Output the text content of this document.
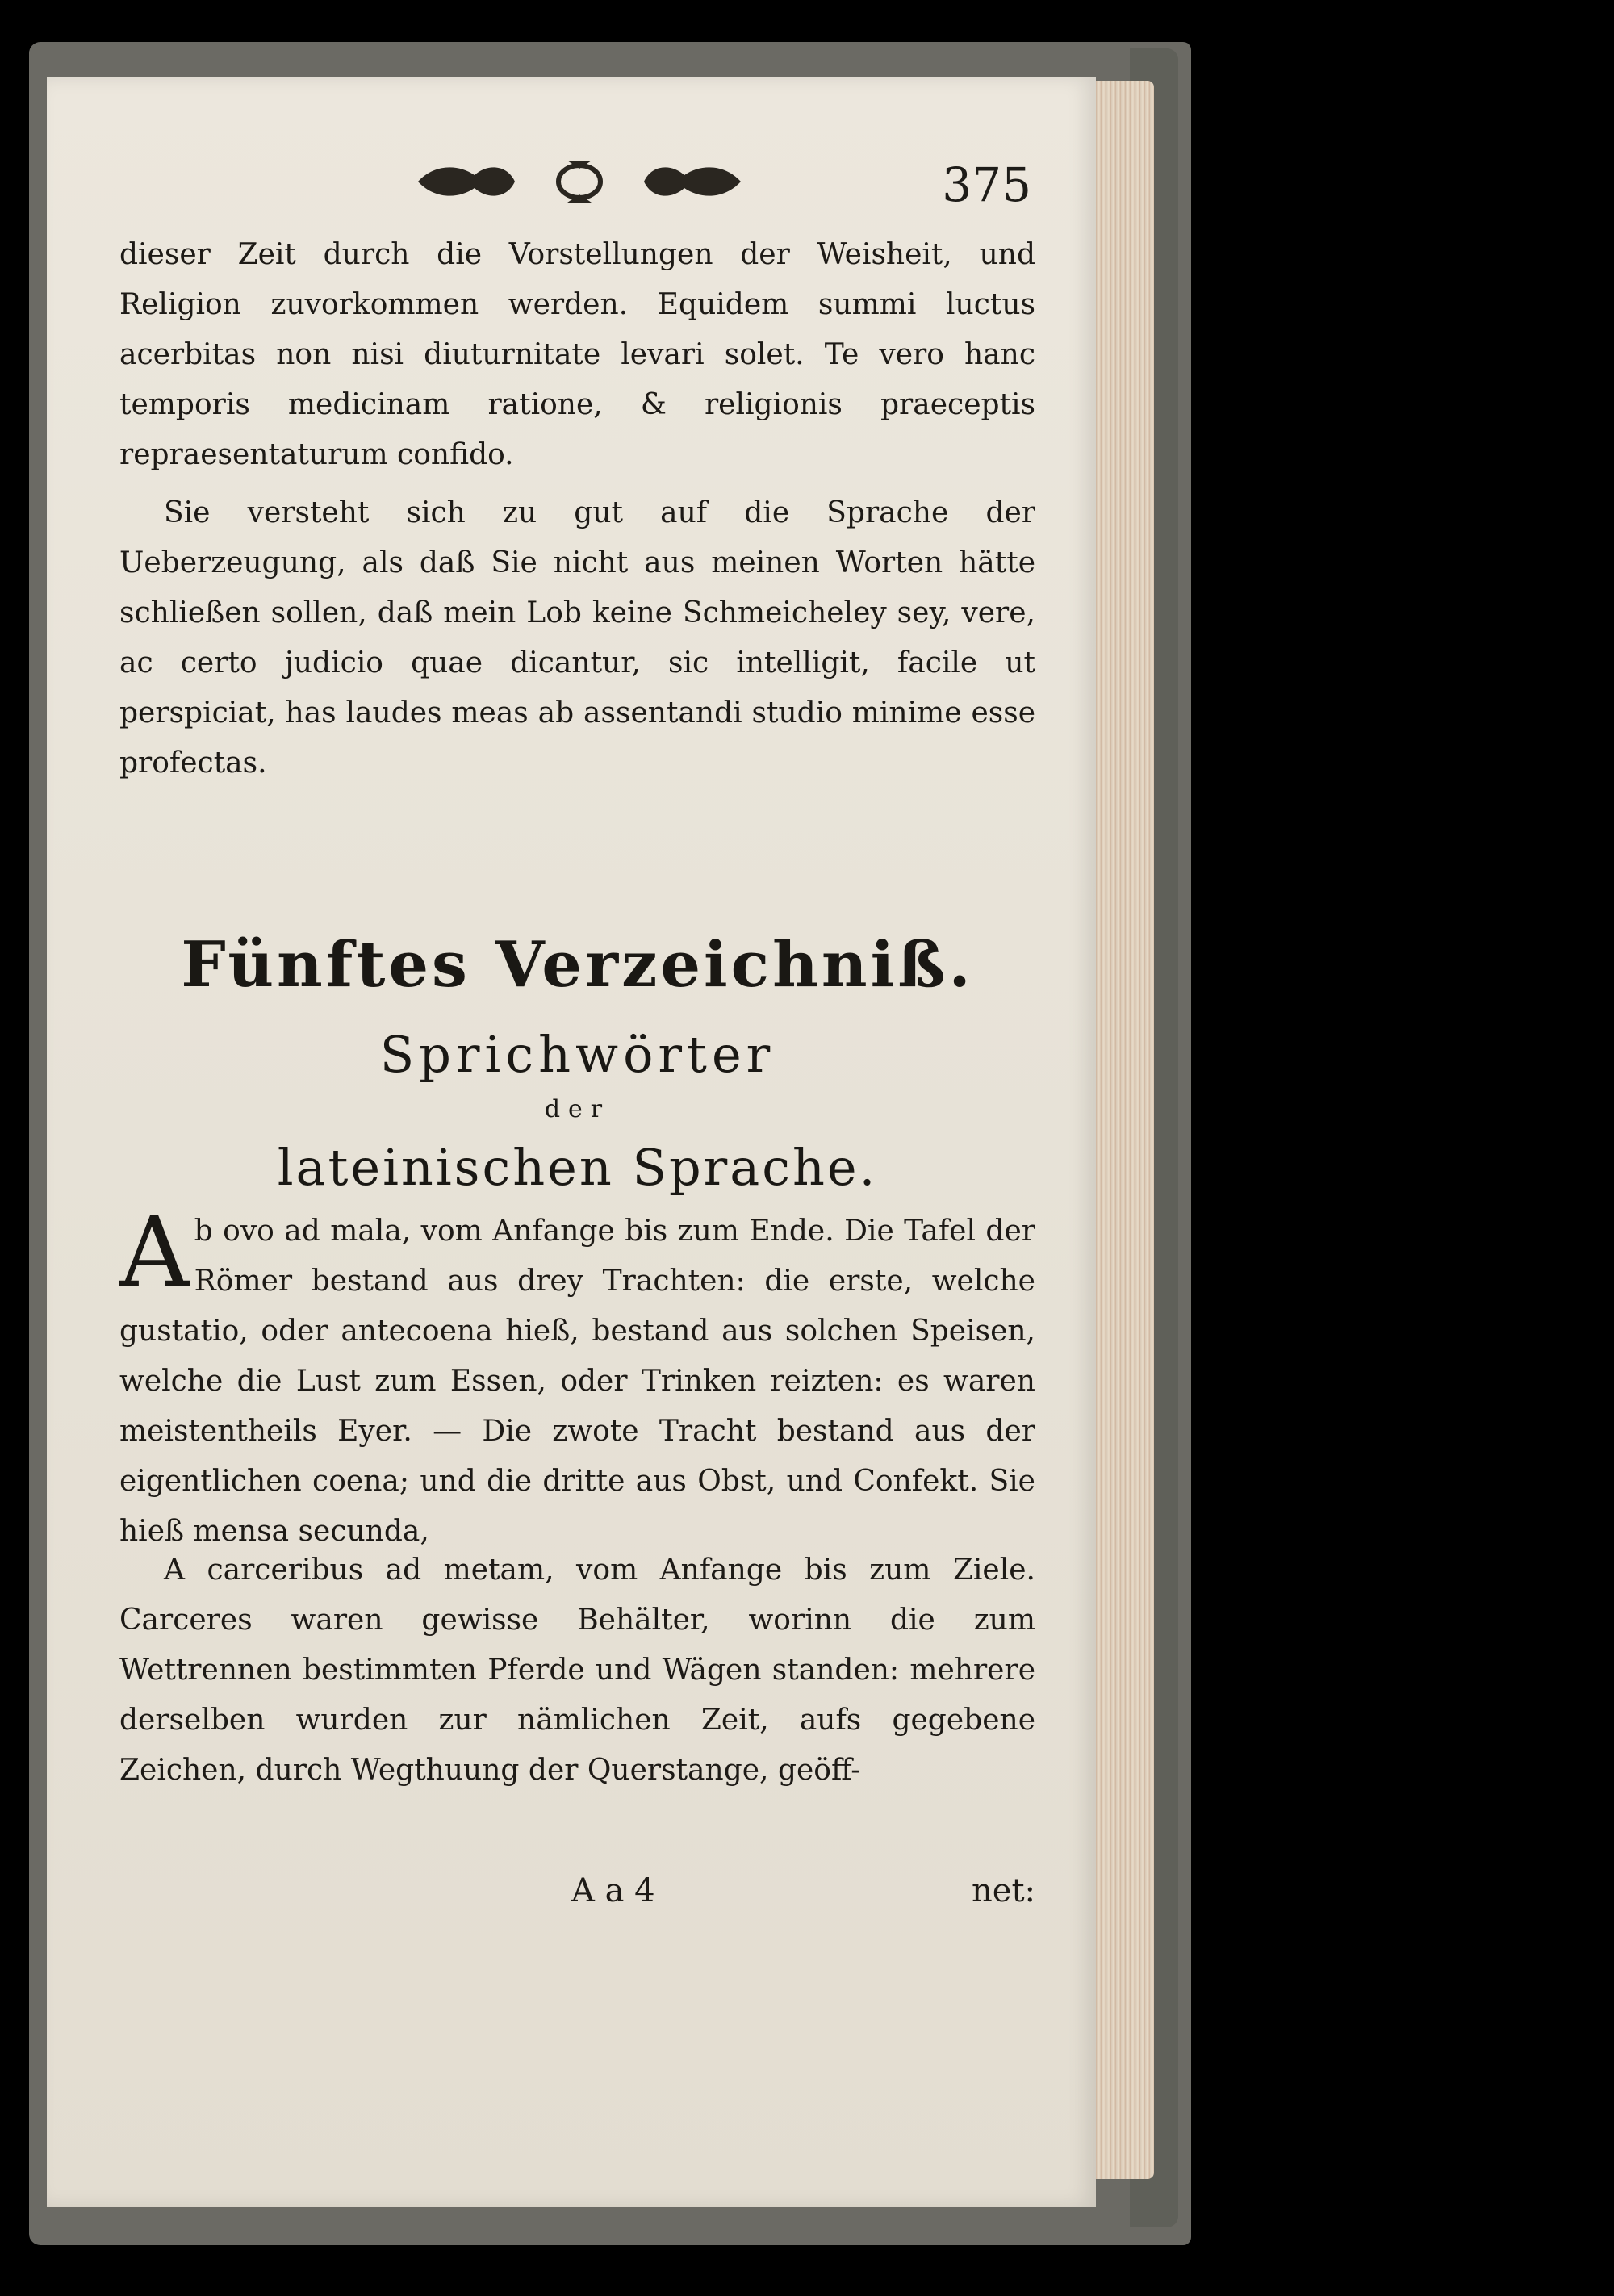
375

dieser Zeit durch die Vorstellungen der Weisheit, und Religion zuvorkommen werden. Equidem summi luctus acerbitas non nisi diuturnitate levari solet. Te vero hanc temporis medicinam ratione, & religionis praeceptis repraesentaturum confido.

Sie versteht sich zu gut auf die Sprache der Ueberzeugung, als daß Sie nicht aus meinen Worten hätte schließen sollen, daß mein Lob keine Schmeicheley sey, vere, ac certo judicio quae dicantur, sic intelligit, facile ut perspiciat, has laudes meas ab assentandi studio minime esse profectas.

Fünftes Verzeichniß.
Sprichwörter
der
lateinischen Sprache.
A b ovo ad mala, vom Anfange bis zum Ende. Die Tafel der Römer bestand aus drey Trachten: die erste, welche gustatio, oder antecoena hieß, bestand aus solchen Speisen, welche die Lust zum Essen, oder Trinken reizten: es waren meistentheils Eyer. — Die zwote Tracht bestand aus der eigentlichen coena; und die dritte aus Obst, und Confekt. Sie hieß mensa secunda,

A carceribus ad metam, vom Anfange bis zum Ziele. Carceres waren gewisse Behälter, worinn die zum Wettrennen bestimmten Pferde und Wägen standen: mehrere derselben wurden zur nämlichen Zeit, aufs gegebene Zeichen, durch Wegthuung der Querstange, geöff-

A a 4	net:
